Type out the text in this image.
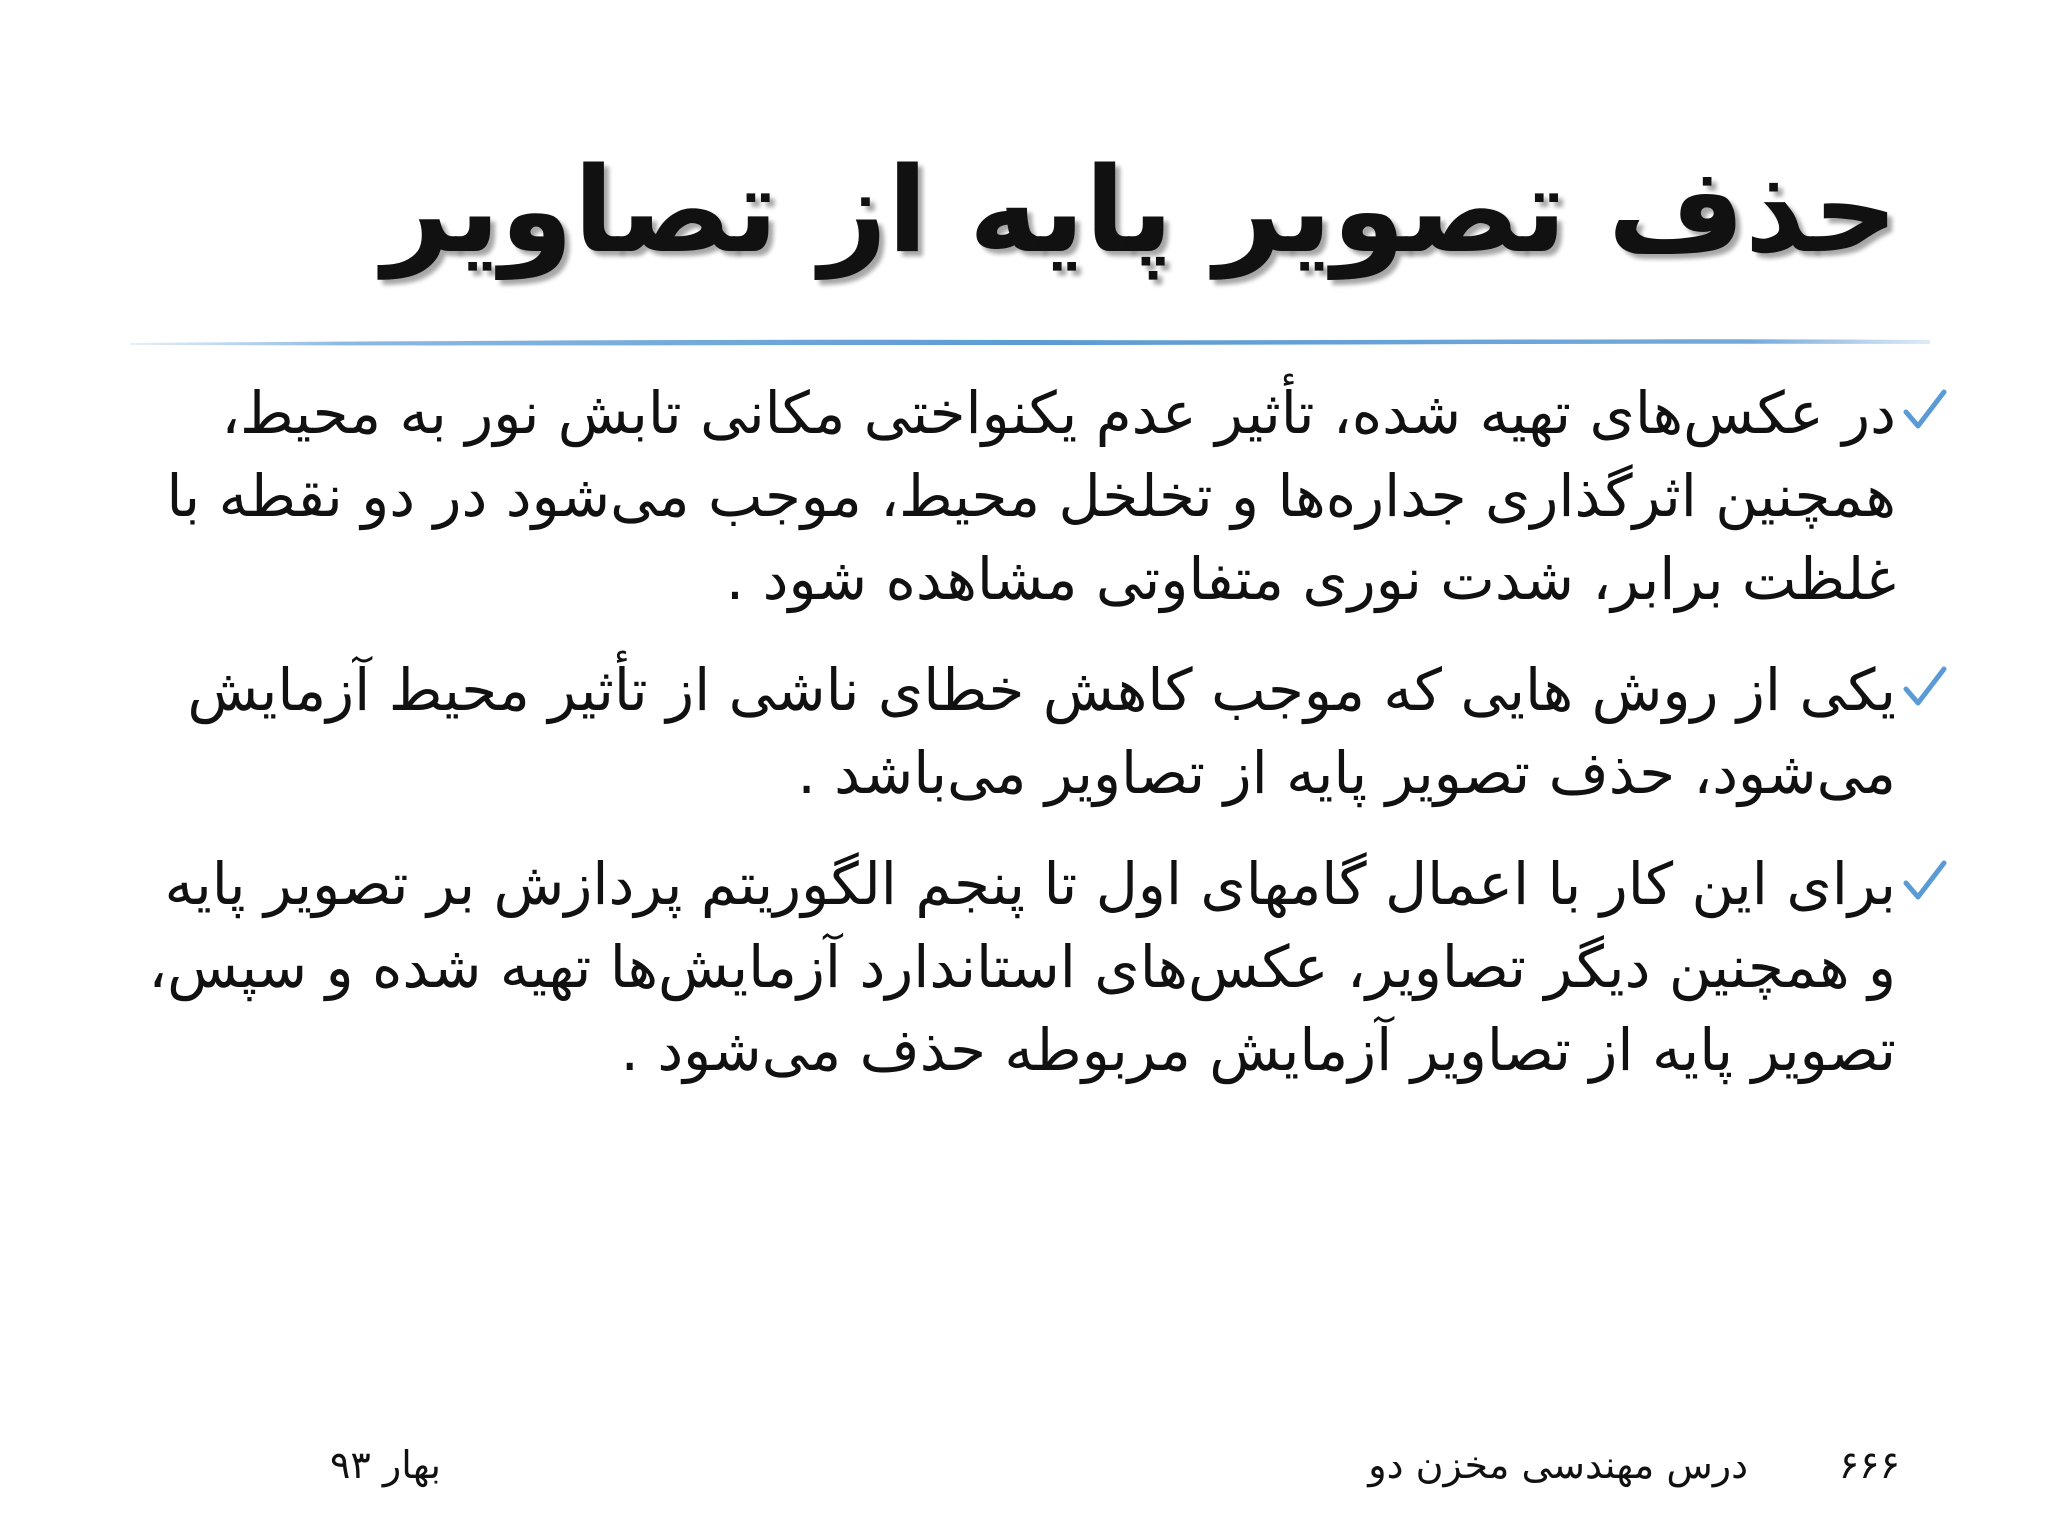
حذف تصویر پایه از تصاویر
در عکس‌های تهیه شده، تأثیر عدم یکنواختی مکانی تابش نور به محیط، همچنین اثرگذاری جداره‌ها و تخلخل محیط، موجب می‌شود در دو نقطه با غلظت برابر، شدت نوری متفاوتی مشاهده شود .
یکی از روش هایی که موجب کاهش خطای ناشی از تأثیر محیط آزمایش می‌شود، حذف تصویر پایه از تصاویر می‌باشد .
برای این کار با اعمال گامهای اول تا پنجم الگوریتم پردازش بر تصویر پایه و همچنین دیگر تصاویر، عکس‌های استاندارد آزمایش‌ها تهیه شده و سپس، تصویر پایه از تصاویر آزمایش مربوطه حذف می‌شود .
۶۶۶
درس مهندسی مخزن دو
بهار ۹۳
